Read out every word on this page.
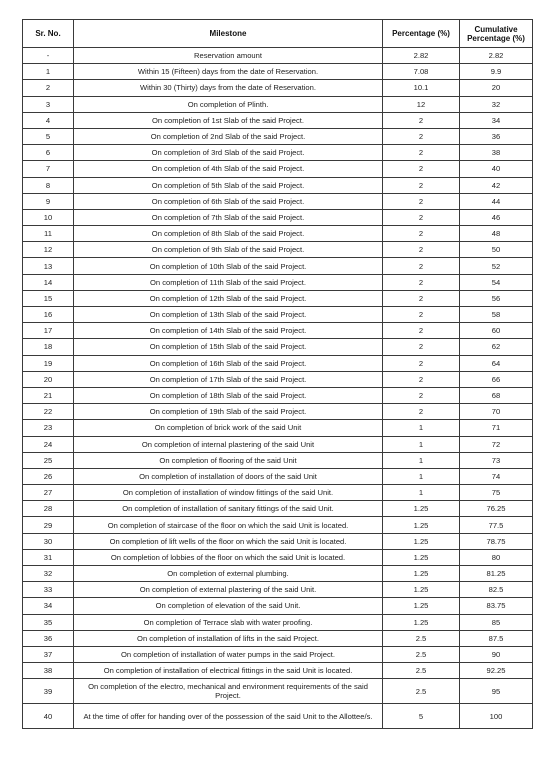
Sr. No.	Milestone	Percentage (%)	Cumulative Percentage (%)
-	Reservation amount	2.82	2.82
1	Within 15 (Fifteen) days from the date of Reservation.	7.08	9.9
2	Within 30 (Thirty) days from the date of Reservation.	10.1	20
3	On completion of Plinth.	12	32
4	On completion of 1st Slab of the said Project.	2	34
5	On completion of 2nd Slab of the said Project.	2	36
6	On completion of 3rd Slab of the said Project.	2	38
7	On completion of 4th Slab of the said Project.	2	40
8	On completion of 5th Slab of the said Project.	2	42
9	On completion of 6th Slab of the said Project.	2	44
10	On completion of 7th Slab of the said Project.	2	46
11	On completion of 8th Slab of the said Project.	2	48
12	On completion of 9th Slab of the said Project.	2	50
13	On completion of 10th Slab of the said Project.	2	52
14	On completion of 11th Slab of the said Project.	2	54
15	On completion of 12th Slab of the said Project.	2	56
16	On completion of 13th Slab of the said Project.	2	58
17	On completion of 14th Slab of the said Project.	2	60
18	On completion of 15th Slab of the said Project.	2	62
19	On completion of 16th Slab of the said Project.	2	64
20	On completion of 17th Slab of the said Project.	2	66
21	On completion of 18th Slab of the said Project.	2	68
22	On completion of 19th Slab of the said Project.	2	70
23	On completion of brick work of the said Unit	1	71
24	On completion of internal plastering of the said Unit	1	72
25	On completion of flooring of the said Unit	1	73
26	On completion of installation of doors of the said Unit	1	74
27	On completion of installation of window fittings of the said Unit.	1	75
28	On completion of installation of sanitary fittings of the said Unit.	1.25	76.25
29	On completion of staircase of the floor on which the said Unit is located.	1.25	77.5
30	On completion of lift wells of the floor on which the said Unit is located.	1.25	78.75
31	On completion of lobbies of the floor on which the said Unit is located.	1.25	80
32	On completion of external plumbing.	1.25	81.25
33	On completion of external plastering of the said Unit.	1.25	82.5
34	On completion of elevation of the said Unit.	1.25	83.75
35	On completion of Terrace slab with water proofing.	1.25	85
36	On completion of installation of lifts in the said Project.	2.5	87.5
37	On completion of installation of water pumps in the said Project.	2.5	90
38	On completion of installation of electrical fittings in the said Unit is located.	2.5	92.25
39	On completion of the electro, mechanical and environment requirements of the said Project.	2.5	95
40	At the time of offer for handing over of the possession of the said Unit to the Allottee/s.	5	100
